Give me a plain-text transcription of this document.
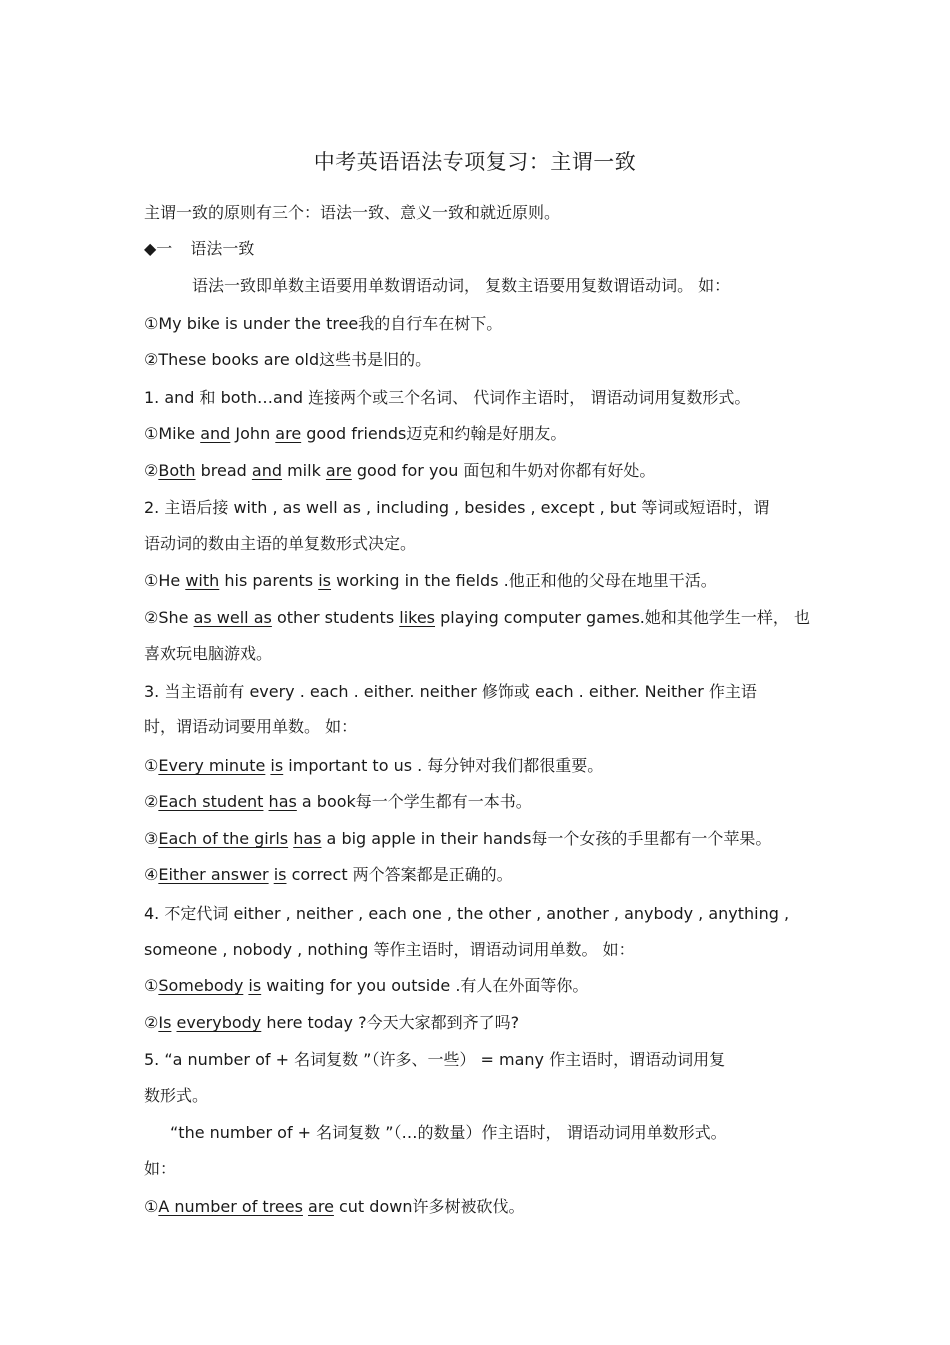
中考英语语法专项复习：主谓一致
主谓一致的原则有三个：语法一致、意义一致和就近原则。
◆一 语法一致
语法一致即单数主语要用单数谓语动词， 复数主语要用复数谓语动词。 如：
①My bike is under the tree我的自行车在树下。
②These books are old这些书是旧的。
1. and 和 both…and 连接两个或三个名词、 代词作主语时， 谓语动词用复数形式。
①Mike and John are good friends迈克和约翰是好朋友。
②Both bread and milk are good for you 面包和牛奶对你都有好处。
2. 主语后接 with , as well as , including , besides , except , but 等词或短语时，谓
语动词的数由主语的单复数形式决定。
①He with his parents is working in the fields .他正和他的父母在地里干活。
②She as well as other students likes playing computer games.她和其他学生一样， 也
喜欢玩电脑游戏。
3. 当主语前有 every . each . either. neither 修饰或 each . either. Neither 作主语
时，谓语动词要用单数。 如：
①Every minute is important to us . 每分钟对我们都很重要。
②Each student has a book每一个学生都有一本书。
③Each of the girls has a big apple in their hands每一个女孩的手里都有一个苹果。
④Either answer is correct 两个答案都是正确的。
4. 不定代词 either , neither , each one , the other , another , anybody , anything ,
someone , nobody , nothing 等作主语时，谓语动词用单数。 如：
①Somebody is waiting for you outside .有人在外面等你。
②Is everybody here today ?今天大家都到齐了吗?
5. “a number of + 名词复数 ”（许多、一些） = many 作主语时，谓语动词用复
数形式。
“the number of + 名词复数 ”（…的数量）作主语时， 谓语动词用单数形式。
如：
①A number of trees are cut down许多树被砍伐。
